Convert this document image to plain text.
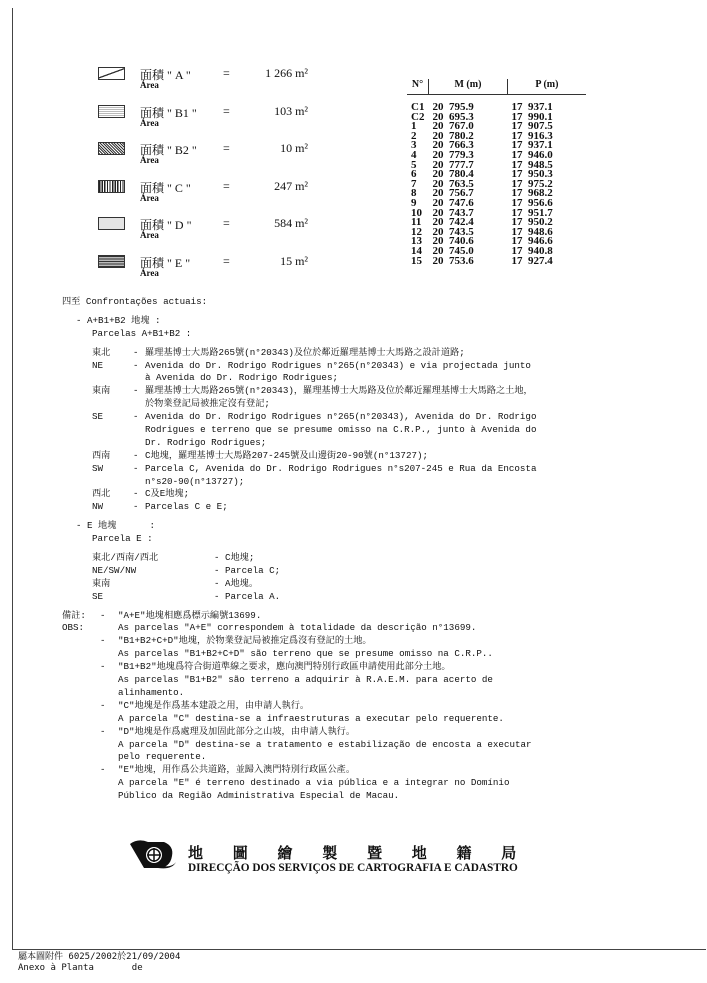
面積 " A "
Área
=	1 266 m²
面積 " B1 "
Área
=	103 m²
面積 " B2 "
Área
=	10 m²
面積 " C "
Área
=	247 m²
面積 " D "
Área
=	584 m²
面積 " E "
Área
=	15 m²
N°	M (m)	P (m)
C1	20  795.9	17  937.1
C2	20  695.3	17  990.1
1	20  767.0	17  907.5
2	20  780.2	17  916.3
3	20  766.3	17  937.1
4	20  779.3	17  946.0
5	20  777.7	17  948.5
6	20  780.4	17  950.3
7	20  763.5	17  975.2
8	20  756.7	17  968.2
9	20  747.6	17  956.6
10	20  743.7	17  951.7
11	20  742.4	17  950.2
12	20  743.5	17  948.6
13	20  740.6	17  946.6
14	20  745.0	17  940.8
15	20  753.6	17  927.4
四至 Confrontações actuais:
- A+B1+B2 地塊 :
Parcelas A+B1+B2 :
東北	- 羅理基博士大馬路265號(n°20343)及位於鄰近羅理基博士大馬路之設計道路;
NE	- Avenida do Dr. Rodrigo Rodrigues n°265(n°20343) e via projectada junto
à Avenida do Dr. Rodrigo Rodrigues;
東南	- 羅理基博士大馬路265號(n°20343)，羅理基博士大馬路及位於鄰近羅理基博士大馬路之土地，
於物業登記局被推定沒有登記;
SE	- Avenida do Dr. Rodrigo Rodrigues n°265(n°20343), Avenida do Dr. Rodrigo
Rodrigues e terreno que se presume omisso na C.R.P., junto à Avenida do
Dr. Rodrigo Rodrigues;
西南	- C地塊，羅理基博士大馬路207-245號及山邊街20-90號(n°13727);
SW	- Parcela C, Avenida do Dr. Rodrigo Rodrigues n°s207-245 e Rua da Encosta
n°s20-90(n°13727);
西北	- C及E地塊;
NW	- Parcelas C e E;
- E 地塊      :
Parcela E :
東北/西南/西北	- C地塊;
NE/SW/NW	- Parcela C;
東南	- A地塊。
SE	- Parcela A.
備註:	-	"A+E"地塊相應爲標示編號13699.
OBS:	As parcelas "A+E" correspondem à totalidade da descrição n°13699.
-	"B1+B2+C+D"地塊，於物業登記局被推定爲沒有登記的土地。
As parcelas "B1+B2+C+D" são terreno que se presume omisso na C.R.P..
-	"B1+B2"地塊爲符合街道準線之要求，應向澳門特別行政區申請使用此部分土地。
As parcelas "B1+B2" são terreno a adquirir à R.A.E.M. para acerto de
alinhamento.
-	"C"地塊是作爲基本建設之用，由申請人執行。
A parcela "C" destina-se a infraestruturas a executar pelo requerente.
-	"D"地塊是作爲處理及加固此部分之山坡，由申請人執行。
A parcela "D" destina-se a tratamento e estabilização de encosta a executar
pelo requerente.
-	"E"地塊，用作爲公共道路，並歸入澳門特別行政區公產。
A parcela "E" é terreno destinado a via pública e a integrar no Domínio
Público da Região Administrativa Especial de Macau.
地 圖 繪 製 暨 地 籍 局
DIRECÇÃO DOS SERVIÇOS DE CARTOGRAFIA E CADASTRO
屬本圖附件 6025/2002於21/09/2004
Anexo à Planta       de
